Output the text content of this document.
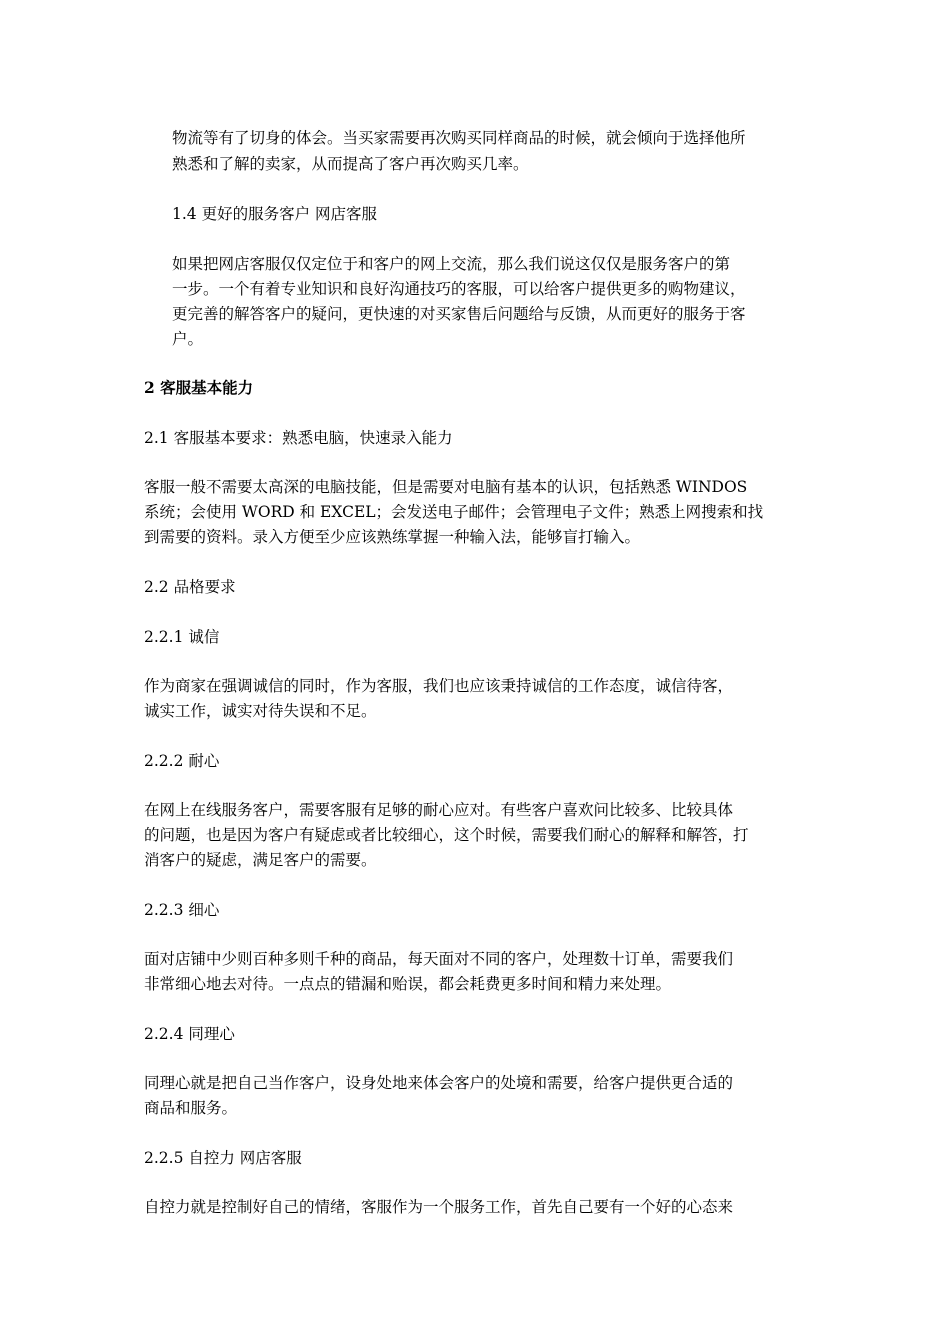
物流等有了切身的体会。当买家需要再次购买同样商品的时候，就会倾向于选择他所
熟悉和了解的卖家，从而提高了客户再次购买几率。
1.4 更好的服务客户 网店客服
如果把网店客服仅仅定位于和客户的网上交流，那么我们说这仅仅是服务客户的第
一步。一个有着专业知识和良好沟通技巧的客服，可以给客户提供更多的购物建议，
更完善的解答客户的疑问，更快速的对买家售后问题给与反馈，从而更好的服务于客
户。
2 客服基本能力
2.1 客服基本要求：熟悉电脑，快速录入能力
客服一般不需要太高深的电脑技能，但是需要对电脑有基本的认识，包括熟悉 WINDOS
系统；会使用 WORD 和 EXCEL；会发送电子邮件；会管理电子文件；熟悉上网搜索和找
到需要的资料。录入方便至少应该熟练掌握一种输入法，能够盲打输入。
2.2 品格要求
2.2.1 诚信
作为商家在强调诚信的同时，作为客服，我们也应该秉持诚信的工作态度，诚信待客，
诚实工作，诚实对待失误和不足。
2.2.2 耐心
在网上在线服务客户，需要客服有足够的耐心应对。有些客户喜欢问比较多、比较具体
的问题，也是因为客户有疑虑或者比较细心，这个时候，需要我们耐心的解释和解答，打
消客户的疑虑，满足客户的需要。
2.2.3 细心
面对店铺中少则百种多则千种的商品，每天面对不同的客户，处理数十订单，需要我们
非常细心地去对待。一点点的错漏和贻误，都会耗费更多时间和精力来处理。
2.2.4 同理心
同理心就是把自己当作客户，设身处地来体会客户的处境和需要，给客户提供更合适的
商品和服务。
2.2.5 自控力 网店客服
自控力就是控制好自己的情绪，客服作为一个服务工作，首先自己要有一个好的心态来
